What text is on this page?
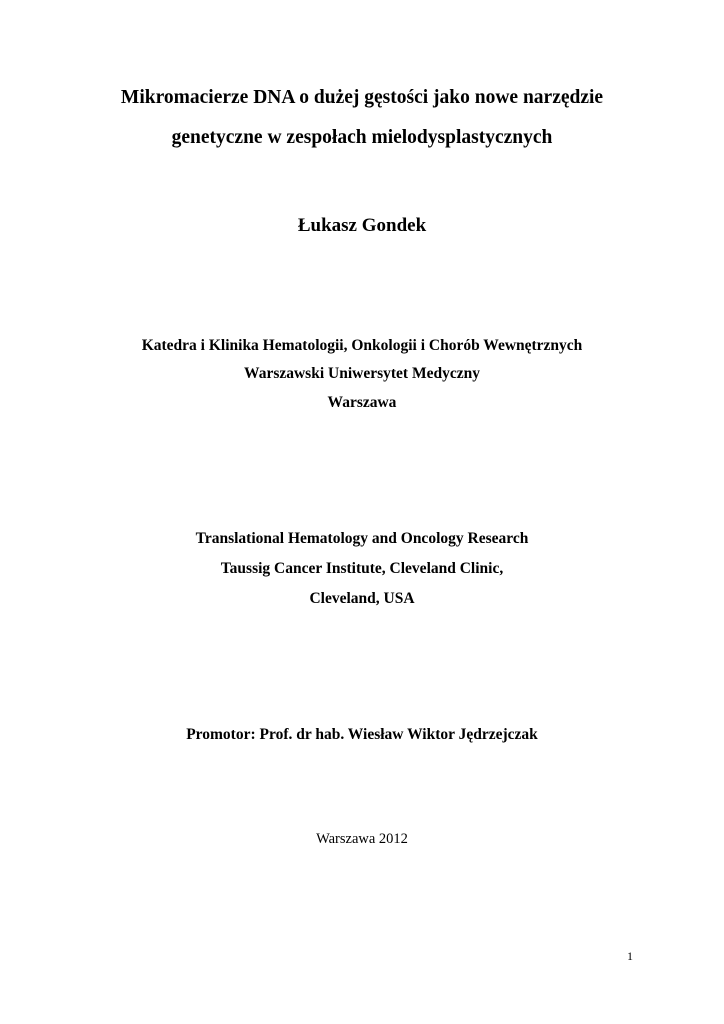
Mikromacierze DNA o dużej gęstości jako nowe narzędzie
genetyczne w zespołach mielodysplastycznych
Łukasz Gondek
Katedra i Klinika Hematologii, Onkologii i Chorób Wewnętrznych
Warszawski Uniwersytet Medyczny
Warszawa
Translational Hematology and Oncology Research
Taussig Cancer Institute, Cleveland Clinic,
Cleveland, USA
Promotor: Prof. dr hab. Wiesław Wiktor Jędrzejczak
Warszawa 2012
1
